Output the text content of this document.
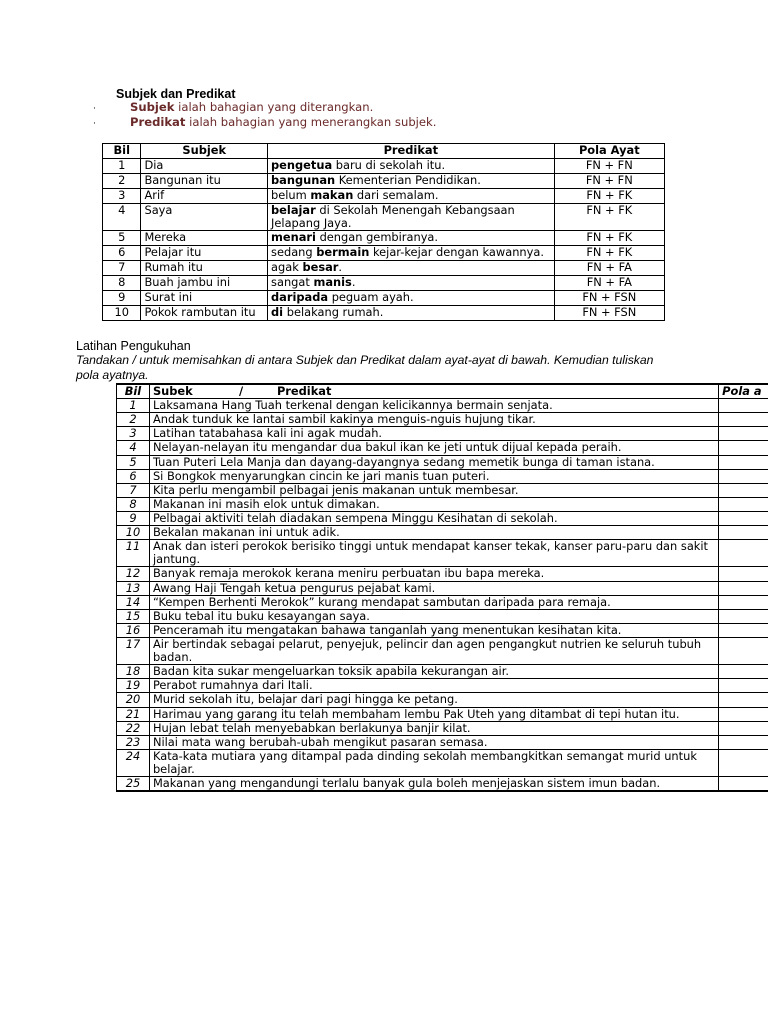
Subjek dan Predikat
·	Subjek ialah bahagian yang diterangkan.
·	Predikat ialah bahagian yang menerangkan subjek.
Bil	Subjek	Predikat	Pola Ayat
1	Dia	pengetua baru di sekolah itu.	FN + FN
2	Bangunan itu	bangunan Kementerian Pendidikan.	FN + FN
3	Arif	belum makan dari semalam.	FN + FK
4	Saya	belajar di Sekolah Menengah Kebangsaan Jelapang Jaya.	FN + FK
5	Mereka	menari dengan gembiranya.	FN + FK
6	Pelajar itu	sedang bermain kejar-kejar dengan kawannya.	FN + FK
7	Rumah itu	agak besar.	FN + FA
8	Buah jambu ini	sangat manis.	FN + FA
9	Surat ini	daripada peguam ayah.	FN + FSN
10	Pokok rambutan itu	di belakang rumah.	FN + FSN
Latihan Pengukuhan
Tandakan / untuk memisahkan di antara Subjek dan Predikat dalam ayat-ayat di bawah. Kemudian tuliskan pola ayatnya.
Bil	Subek / Predikat	Pola a
1	Laksamana Hang Tuah terkenal dengan kelicikannya bermain senjata.	
2	Andak tunduk ke lantai sambil kakinya menguis-nguis hujung tikar.	
3	Latihan tatabahasa kali ini agak mudah.	
4	Nelayan-nelayan itu mengandar dua bakul ikan ke jeti untuk dijual kepada peraih.	
5	Tuan Puteri Lela Manja dan dayang-dayangnya sedang memetik bunga di taman istana.	
6	Si Bongkok menyarungkan cincin ke jari manis tuan puteri.	
7	Kita perlu mengambil pelbagai jenis makanan untuk membesar.	
8	Makanan ini masih elok untuk dimakan.	
9	Pelbagai aktiviti telah diadakan sempena Minggu Kesihatan di sekolah.	
10	Bekalan makanan ini untuk adik.	
11	Anak dan isteri perokok berisiko tinggi untuk mendapat kanser tekak, kanser paru-paru dan sakit jantung.	
12	Banyak remaja merokok kerana meniru perbuatan ibu bapa mereka.	
13	Awang Haji Tengah ketua pengurus pejabat kami.	
14	“Kempen Berhenti Merokok” kurang mendapat sambutan daripada para remaja.	
15	Buku tebal itu buku kesayangan saya.	
16	Penceramah itu mengatakan bahawa tanganlah yang menentukan kesihatan kita.	
17	Air bertindak sebagai pelarut, penyejuk, pelincir dan agen pengangkut nutrien ke seluruh tubuh badan.	
18	Badan kita sukar mengeluarkan toksik apabila kekurangan air.	
19	Perabot rumahnya dari Itali.	
20	Murid sekolah itu, belajar dari pagi hingga ke petang.	
21	Harimau yang garang itu telah membaham lembu Pak Uteh yang ditambat di tepi hutan itu.	
22	Hujan lebat telah menyebabkan berlakunya banjir kilat.	
23	Nilai mata wang berubah-ubah mengikut pasaran semasa.	
24	Kata-kata mutiara yang ditampal pada dinding sekolah membangkitkan semangat murid untuk belajar.	
25	Makanan yang mengandungi terlalu banyak gula boleh menjejaskan sistem imun badan.	
